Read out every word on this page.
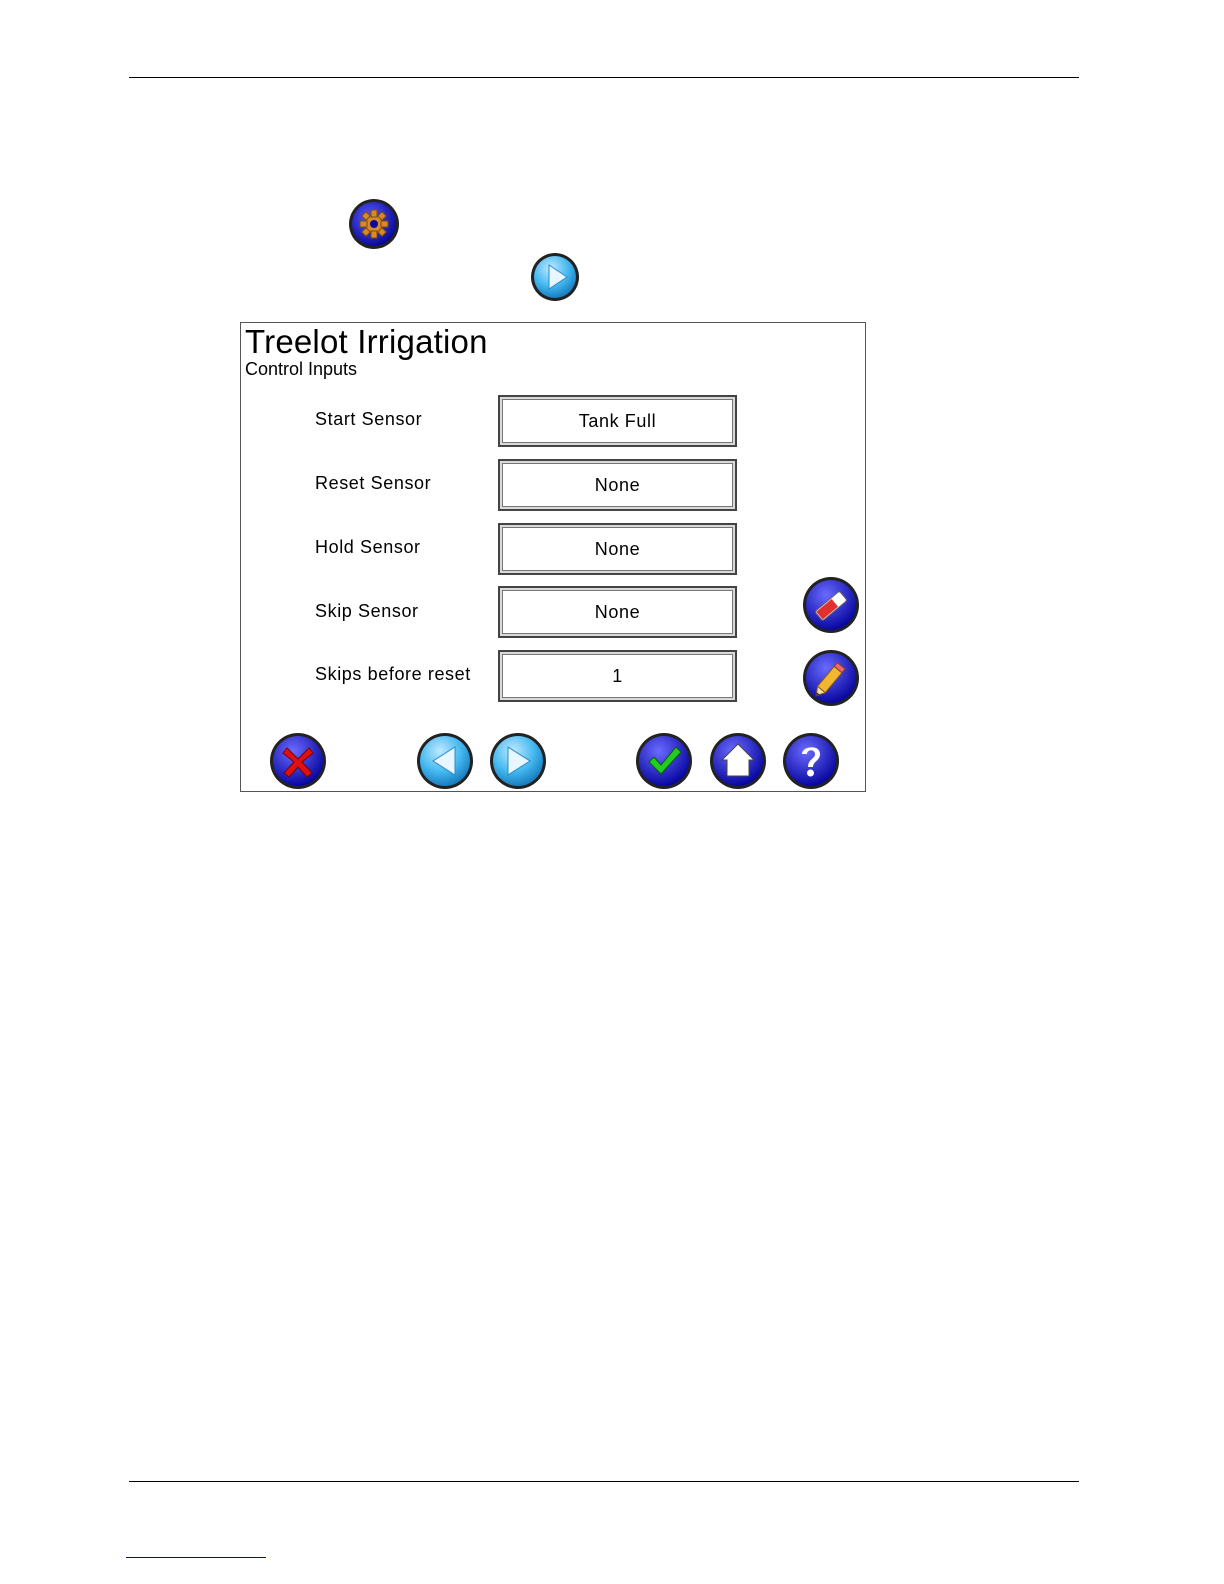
Treelot Irrigation
Control Inputs
Start Sensor	Tank Full
Reset Sensor	None
Hold Sensor	None
Skip Sensor	None
Skips before reset	1
